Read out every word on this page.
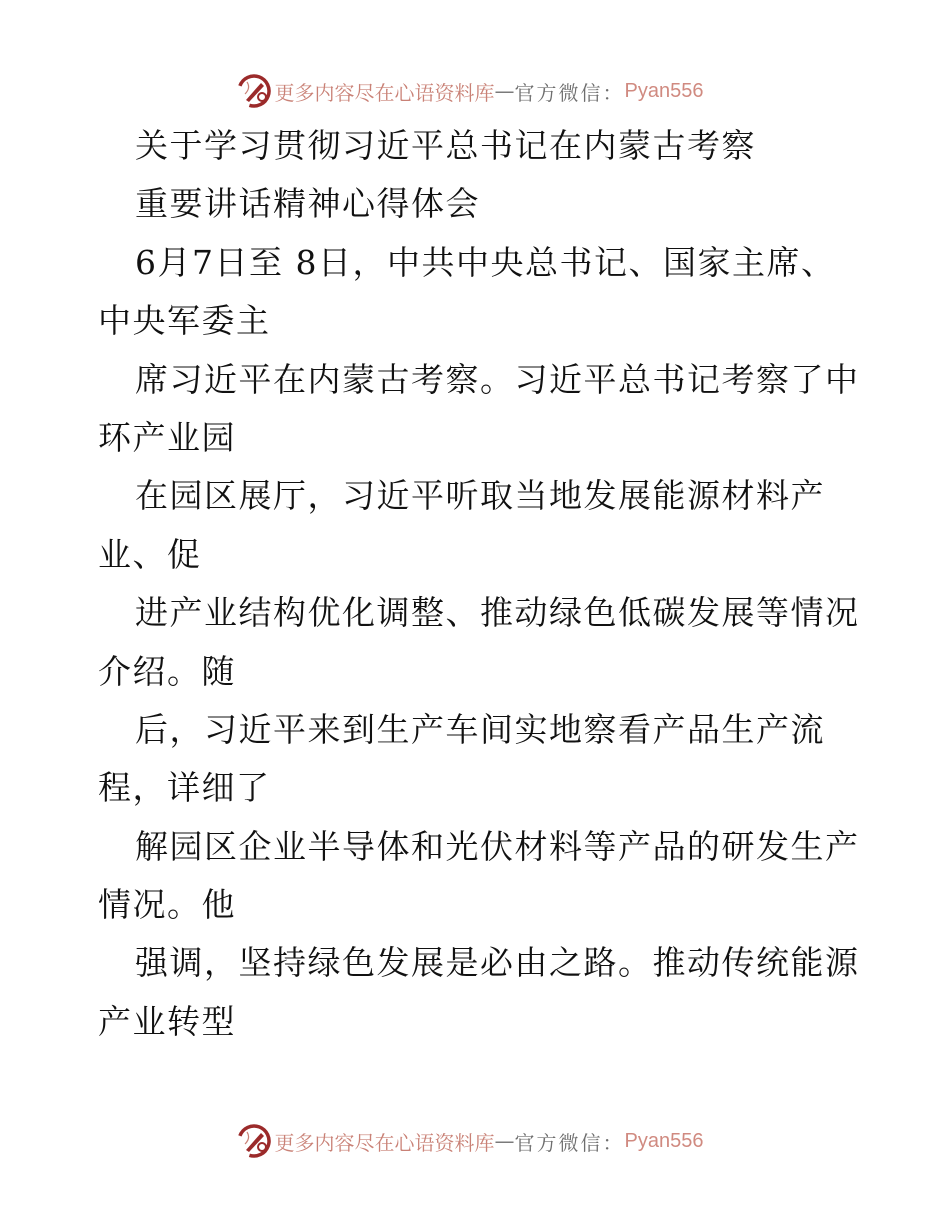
更多内容尽在心语资料库 — 官方微信： Pyan556
关于学习贯彻习近平总书记在内蒙古考察
重要讲话精神心得体会
6月7日至 8日，中共中央总书记、国家主席、
中央军委主
席习近平在内蒙古考察。习近平总书记考察了中
环产业园
在园区展厅，习近平听取当地发展能源材料产
业、促
进产业结构优化调整、推动绿色低碳发展等情况
介绍。随
后，习近平来到生产车间实地察看产品生产流
程，详细了
解园区企业半导体和光伏材料等产品的研发生产
情况。他
强调，坚持绿色发展是必由之路。推动传统能源
产业转型
更多内容尽在心语资料库 — 官方微信： Pyan556
